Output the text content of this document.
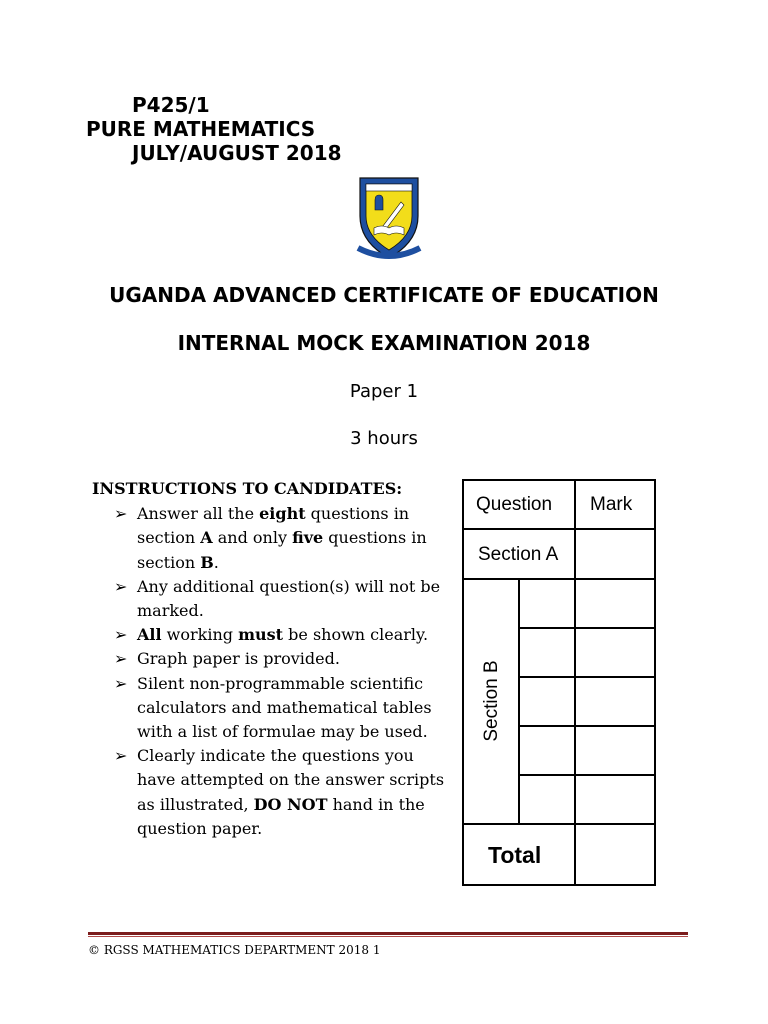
P425/1
PURE MATHEMATICS
JULY/AUGUST 2018
UGANDA ADVANCED CERTIFICATE OF EDUCATION
INTERNAL MOCK EXAMINATION 2018
Paper 1
3 hours
INSTRUCTIONS TO CANDIDATES:
➢ Answer all the eight questions in section A and only five questions in section B.
➢ Any additional question(s) will not be marked.
➢ All working must be shown clearly.
➢ Graph paper is provided.
➢ Silent non-programmable scientific calculators and mathematical tables with a list of formulae may be used.
➢ Clearly indicate the questions you have attempted on the answer scripts as illustrated, DO NOT hand in the question paper.
Question Mark
Section A
Section B
Total
© RGSS MATHEMATICS DEPARTMENT 2018 1
